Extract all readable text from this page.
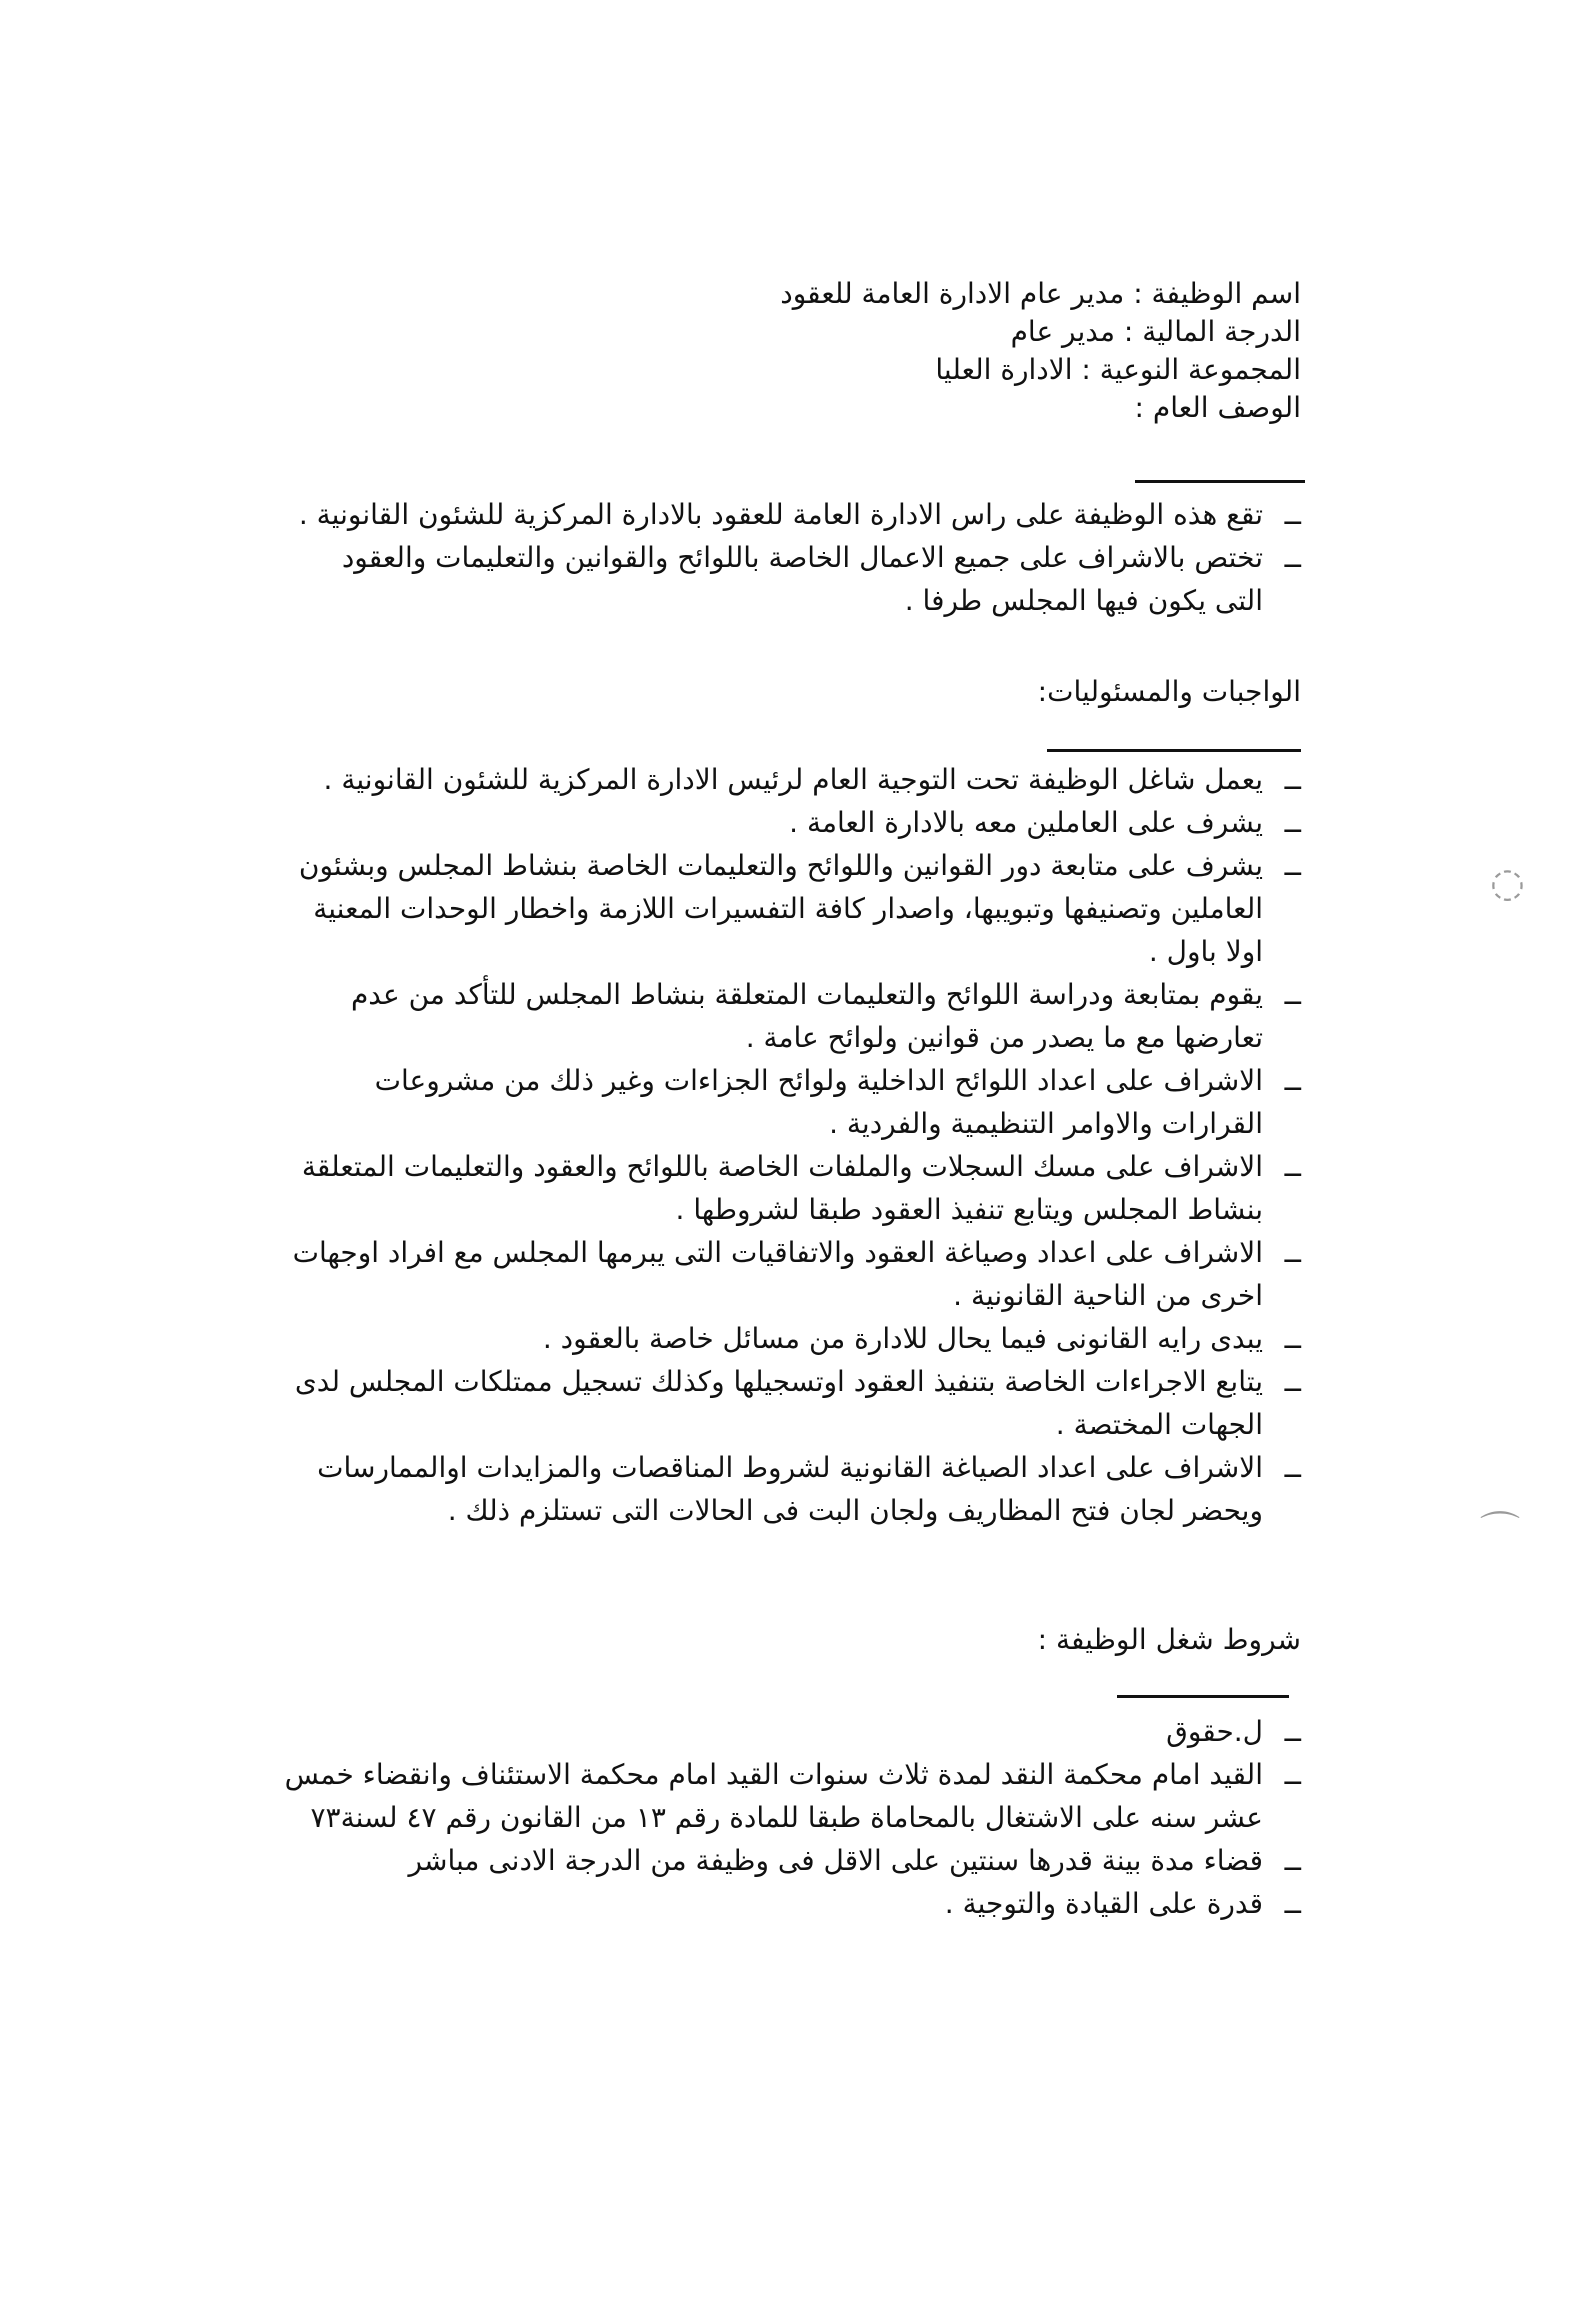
اسم الوظيفة : مدير عام الادارة العامة للعقود
الدرجة المالية : مدير عام
المجموعة النوعية : الادارة العليا
الوصف العام :
ــ
تقع هذه الوظيفة على راس الادارة العامة للعقود بالادارة المركزية للشئون القانونية .
ــ
تختص بالاشراف على جميع الاعمال الخاصة باللوائح والقوانين والتعليمات والعقود
التى يكون فيها المجلس طرفا .
الواجبات والمسئوليات:
ــ
يعمل شاغل الوظيفة تحت التوجية العام لرئيس الادارة المركزية للشئون القانونية .
ــ
يشرف على العاملين معه بالادارة العامة .
ــ
يشرف على متابعة دور القوانين واللوائح والتعليمات الخاصة بنشاط المجلس وبشئون
العاملين وتصنيفها وتبويبها، واصدار كافة التفسيرات اللازمة واخطار الوحدات المعنية
اولا باول .
ــ
يقوم بمتابعة ودراسة اللوائح والتعليمات المتعلقة بنشاط المجلس للتأكد من عدم
تعارضها مع ما يصدر من قوانين ولوائح عامة .
ــ
الاشراف على اعداد اللوائح الداخلية ولوائح الجزاءات وغير ذلك من مشروعات
القرارات والاوامر التنظيمية والفردية .
ــ
الاشراف على مسك السجلات والملفات الخاصة باللوائح والعقود والتعليمات المتعلقة
بنشاط المجلس ويتابع تنفيذ العقود طبقا لشروطها .
ــ
الاشراف على اعداد وصياغة العقود والاتفاقيات التى يبرمها المجلس مع افراد اوجهات
اخرى من الناحية القانونية .
ــ
يبدى رايه القانونى فيما يحال للادارة من مسائل خاصة بالعقود .
ــ
يتابع الاجراءات الخاصة بتنفيذ العقود اوتسجيلها وكذلك تسجيل ممتلكات المجلس لدى
الجهات المختصة .
ــ
الاشراف على اعداد الصياغة القانونية لشروط المناقصات والمزايدات اوالممارسات
ويحضر لجان فتح المظاريف ولجان البت فى الحالات التى تستلزم ذلك .
شروط شغل الوظيفة :
ــ
ل.حقوق
ــ
القيد امام محكمة النقد لمدة ثلاث سنوات القيد امام محكمة الاستئناف وانقضاء خمس
عشر سنه على الاشتغال بالمحاماة طبقا للمادة رقم ١٣ من القانون رقم ٤٧ لسنة٧٣
ــ
قضاء مدة بينة قدرها سنتين على الاقل فى وظيفة من الدرجة الادنى مباشر
ــ
قدرة على القيادة والتوجية .
◌
⌒
